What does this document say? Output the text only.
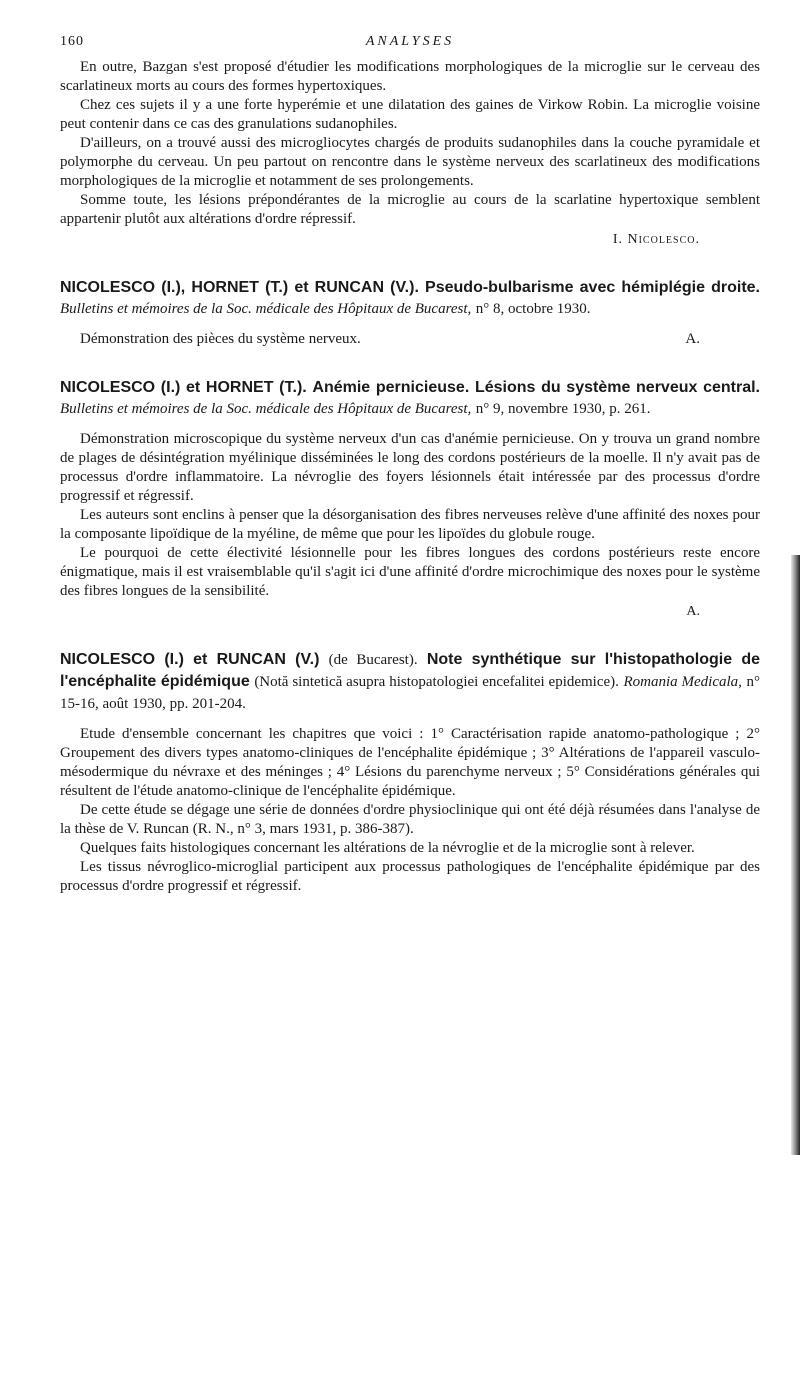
160	ANALYSES

En outre, Bazgan s'est proposé d'étudier les modifications morphologiques de la microglie sur le cerveau des scarlatineux morts au cours des formes hypertoxiques.

Chez ces sujets il y a une forte hyperémie et une dilatation des gaines de Virkow Robin. La microglie voisine peut contenir dans ce cas des granulations sudanophiles.

D'ailleurs, on a trouvé aussi des microgliocytes chargés de produits sudanophiles dans la couche pyramidale et polymorphe du cerveau. Un peu partout on rencontre dans le système nerveux des scarlatineux des modifications morphologiques de la microglie et notamment de ses prolongements.

Somme toute, les lésions prépondérantes de la microglie au cours de la scarlatine hypertoxique semblent appartenir plutôt aux altérations d'ordre répressif.

I. Nicolesco.
NICOLESCO (I.), HORNET (T.) et RUNCAN (V.). Pseudo-bulbarisme avec hémiplégie droite. Bulletins et mémoires de la Soc. médicale des Hôpitaux de Bucarest, n° 8, octobre 1930.
Démonstration des pièces du système nerveux.	A.
NICOLESCO (I.) et HORNET (T.). Anémie pernicieuse. Lésions du système nerveux central. Bulletins et mémoires de la Soc. médicale des Hôpitaux de Bucarest, n° 9, novembre 1930, p. 261.

Démonstration microscopique du système nerveux d'un cas d'anémie pernicieuse. On y trouva un grand nombre de plages de désintégration myélinique disséminées le long des cordons postérieurs de la moelle. Il n'y avait pas de processus d'ordre inflammatoire. La névroglie des foyers lésionnels était intéressée par des processus d'ordre progressif et régressif.

Les auteurs sont enclins à penser que la désorganisation des fibres nerveuses relève d'une affinité des noxes pour la composante lipoïdique de la myéline, de même que pour les lipoïdes du globule rouge.

Le pourquoi de cette électivité lésionnelle pour les fibres longues des cordons postérieurs reste encore énigmatique, mais il est vraisemblable qu'il s'agit ici d'une affinité d'ordre microchimique des noxes pour le système des fibres longues de la sensibilité.

A.
NICOLESCO (I.) et RUNCAN (V.) (de Bucarest). Note synthétique sur l'histopathologie de l'encéphalite épidémique (Notă sintetică asupra histopatologiei encefalitei epidemice). Romania Medicala, n° 15-16, août 1930, pp. 201-204.

Etude d'ensemble concernant les chapitres que voici : 1° Caractérisation rapide anatomo-pathologique ; 2° Groupement des divers types anatomo-cliniques de l'encéphalite épidémique ; 3° Altérations de l'appareil vasculo-mésodermique du névraxe et des méninges ; 4° Lésions du parenchyme nerveux ; 5° Considérations générales qui résultent de l'étude anatomo-clinique de l'encéphalite épidémique.

De cette étude se dégage une série de données d'ordre physioclinique qui ont été déjà résumées dans l'analyse de la thèse de V. Runcan (R. N., n° 3, mars 1931, p. 386-387).

Quelques faits histologiques concernant les altérations de la névroglie et de la microglie sont à relever.

Les tissus névroglico-microglial participent aux processus pathologiques de l'encéphalite épidémique par des processus d'ordre progressif et régressif.
